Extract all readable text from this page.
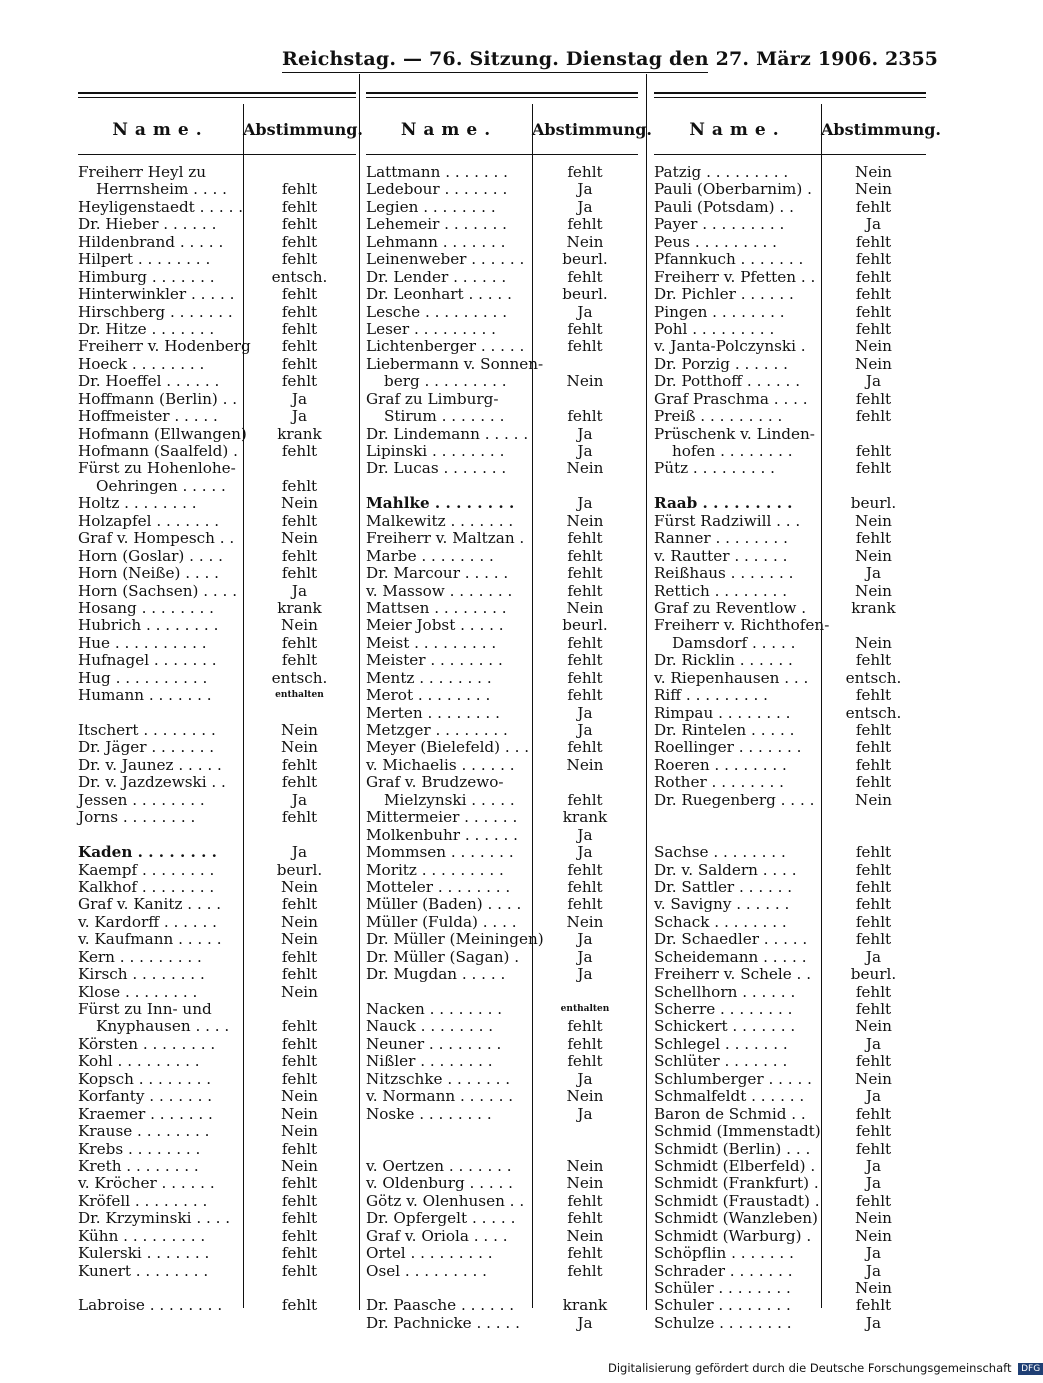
Reichstag. — 76. Sitzung. Dienstag den 27. März 1906. 2355
Name.	Abstimmung.
Freiherr Heyl zu
Herrnsheim . . . .	fehlt
Heyligenstaedt . . . . .	fehlt
Dr. Hieber . . . . . .	fehlt
Hildenbrand . . . . .	fehlt
Hilpert . . . . . . . .	fehlt
Himburg . . . . . . .	entsch.
Hinterwinkler . . . . .	fehlt
Hirschberg . . . . . . .	fehlt
Dr. Hitze . . . . . . .	fehlt
Freiherr v. Hodenberg	fehlt
Hoeck . . . . . . . .	fehlt
Dr. Hoeffel . . . . . .	fehlt
Hoffmann (Berlin) . .	Ja
Hoffmeister . . . . .	Ja
Hofmann (Ellwangen)	krank
Hofmann (Saalfeld) .	fehlt
Fürst zu Hohenlohe-
Oehringen . . . . .	fehlt
Holtz . . . . . . . .	Nein
Holzapfel . . . . . . .	fehlt
Graf v. Hompesch . .	Nein
Horn (Goslar) . . . .	fehlt
Horn (Neiße) . . . .	fehlt
Horn (Sachsen) . . . .	Ja
Hosang . . . . . . . .	krank
Hubrich . . . . . . . .	Nein
Hue . . . . . . . . . .	fehlt
Hufnagel . . . . . . .	fehlt
Hug . . . . . . . . . .	entsch.
Humann . . . . . . .	enthalten
Itschert . . . . . . . .	Nein
Dr. Jäger . . . . . . .	Nein
Dr. v. Jaunez . . . . .	fehlt
Dr. v. Jazdzewski . .	fehlt
Jessen . . . . . . . .	Ja
Jorns . . . . . . . .	fehlt
Kaden . . . . . . . .	Ja
Kaempf . . . . . . . .	beurl.
Kalkhof . . . . . . . .	Nein
Graf v. Kanitz . . . .	fehlt
v. Kardorff . . . . . .	Nein
v. Kaufmann . . . . .	Nein
Kern . . . . . . . . .	fehlt
Kirsch . . . . . . . .	fehlt
Klose . . . . . . . .	Nein
Fürst zu Inn- und
Knyphausen . . . .	fehlt
Körsten . . . . . . . .	fehlt
Kohl . . . . . . . . .	fehlt
Kopsch . . . . . . . .	fehlt
Korfanty . . . . . . .	Nein
Kraemer . . . . . . .	Nein
Krause . . . . . . . .	Nein
Krebs . . . . . . . .	fehlt
Kreth . . . . . . . .	Nein
v. Kröcher . . . . . .	fehlt
Kröfell . . . . . . . .	fehlt
Dr. Krzyminski . . . .	fehlt
Kühn . . . . . . . . .	fehlt
Kulerski . . . . . . .	fehlt
Kunert . . . . . . . .	fehlt
Labroise . . . . . . . .	fehlt
Name.	Abstimmung.
Lattmann . . . . . . .	fehlt
Ledebour . . . . . . .	Ja
Legien . . . . . . . .	Ja
Lehemeir . . . . . . .	fehlt
Lehmann . . . . . . .	Nein
Leinenweber . . . . . .	beurl.
Dr. Lender . . . . . .	fehlt
Dr. Leonhart . . . . .	beurl.
Lesche . . . . . . . . .	Ja
Leser . . . . . . . . .	fehlt
Lichtenberger . . . . .	fehlt
Liebermann v. Sonnen-
berg . . . . . . . . .	Nein
Graf zu Limburg-
Stirum . . . . . . .	fehlt
Dr. Lindemann . . . . .	Ja
Lipinski . . . . . . . .	Ja
Dr. Lucas . . . . . . .	Nein
Mahlke . . . . . . . .	Ja
Malkewitz . . . . . . .	Nein
Freiherr v. Maltzan .	fehlt
Marbe . . . . . . . .	fehlt
Dr. Marcour . . . . .	fehlt
v. Massow . . . . . . .	fehlt
Mattsen . . . . . . . .	Nein
Meier Jobst . . . . .	beurl.
Meist . . . . . . . . .	fehlt
Meister . . . . . . . .	fehlt
Mentz . . . . . . . .	fehlt
Merot . . . . . . . .	fehlt
Merten . . . . . . . .	Ja
Metzger . . . . . . . .	Ja
Meyer (Bielefeld) . . .	fehlt
v. Michaelis . . . . . .	Nein
Graf v. Brudzewo-
Mielzynski . . . . .	fehlt
Mittermeier . . . . . .	krank
Molkenbuhr . . . . . .	Ja
Mommsen . . . . . . .	Ja
Moritz . . . . . . . . .	fehlt
Motteler . . . . . . . .	fehlt
Müller (Baden) . . . .	fehlt
Müller (Fulda) . . . .	Nein
Dr. Müller (Meiningen)	Ja
Dr. Müller (Sagan) .	Ja
Dr. Mugdan . . . . .	Ja
Nacken . . . . . . . .	enthalten
Nauck . . . . . . . .	fehlt
Neuner . . . . . . . .	fehlt
Nißler . . . . . . . .	fehlt
Nitzschke . . . . . . .	Ja
v. Normann . . . . . .	Nein
Noske . . . . . . . .	Ja
v. Oertzen . . . . . . .	Nein
v. Oldenburg . . . . .	Nein
Götz v. Olenhusen . .	fehlt
Dr. Opfergelt . . . . .	fehlt
Graf v. Oriola . . . .	Nein
Ortel . . . . . . . . .	fehlt
Osel . . . . . . . . .	fehlt
Dr. Paasche . . . . . .	krank
Dr. Pachnicke . . . . .	Ja
Name.	Abstimmung.
Patzig . . . . . . . . .	Nein
Pauli (Oberbarnim) .	Nein
Pauli (Potsdam) . .	fehlt
Payer . . . . . . . . .	Ja
Peus . . . . . . . . .	fehlt
Pfannkuch . . . . . . .	fehlt
Freiherr v. Pfetten . .	fehlt
Dr. Pichler . . . . . .	fehlt
Pingen . . . . . . . .	fehlt
Pohl . . . . . . . . .	fehlt
v. Janta-Polczynski .	Nein
Dr. Porzig . . . . . .	Nein
Dr. Potthoff . . . . . .	Ja
Graf Praschma . . . .	fehlt
Preiß . . . . . . . . .	fehlt
Prüschenk v. Linden-
hofen . . . . . . . .	fehlt
Pütz . . . . . . . . .	fehlt
Raab . . . . . . . . .	beurl.
Fürst Radziwill . . .	Nein
Ranner . . . . . . . .	fehlt
v. Rautter . . . . . .	Nein
Reißhaus . . . . . . .	Ja
Rettich . . . . . . . .	Nein
Graf zu Reventlow .	krank
Freiherr v. Richthofen-
Damsdorf . . . . .	Nein
Dr. Ricklin . . . . . .	fehlt
v. Riepenhausen . . .	entsch.
Riff . . . . . . . . .	fehlt
Rimpau . . . . . . . .	entsch.
Dr. Rintelen . . . . .	fehlt
Roellinger . . . . . . .	fehlt
Roeren . . . . . . . .	fehlt
Rother . . . . . . . .	fehlt
Dr. Ruegenberg . . . .	Nein
Sachse . . . . . . . .	fehlt
Dr. v. Saldern . . . .	fehlt
Dr. Sattler . . . . . .	fehlt
v. Savigny . . . . . .	fehlt
Schack . . . . . . . .	fehlt
Dr. Schaedler . . . . .	fehlt
Scheidemann . . . . .	Ja
Freiherr v. Schele . .	beurl.
Schellhorn . . . . . .	fehlt
Scherre . . . . . . . .	fehlt
Schickert . . . . . . .	Nein
Schlegel . . . . . . .	Ja
Schlüter . . . . . . .	fehlt
Schlumberger . . . . .	Nein
Schmalfeldt . . . . . .	Ja
Baron de Schmid . .	fehlt
Schmid (Immenstadt)	fehlt
Schmidt (Berlin) . . .	fehlt
Schmidt (Elberfeld) .	Ja
Schmidt (Frankfurt) .	Ja
Schmidt (Fraustadt) .	fehlt
Schmidt (Wanzleben)	Nein
Schmidt (Warburg) .	Nein
Schöpflin . . . . . . .	Ja
Schrader . . . . . . .	Ja
Schüler . . . . . . . .	Nein
Schuler . . . . . . . .	fehlt
Schulze . . . . . . . .	Ja
Digitalisierung gefördert durch die Deutsche Forschungsgemeinschaft DFG
